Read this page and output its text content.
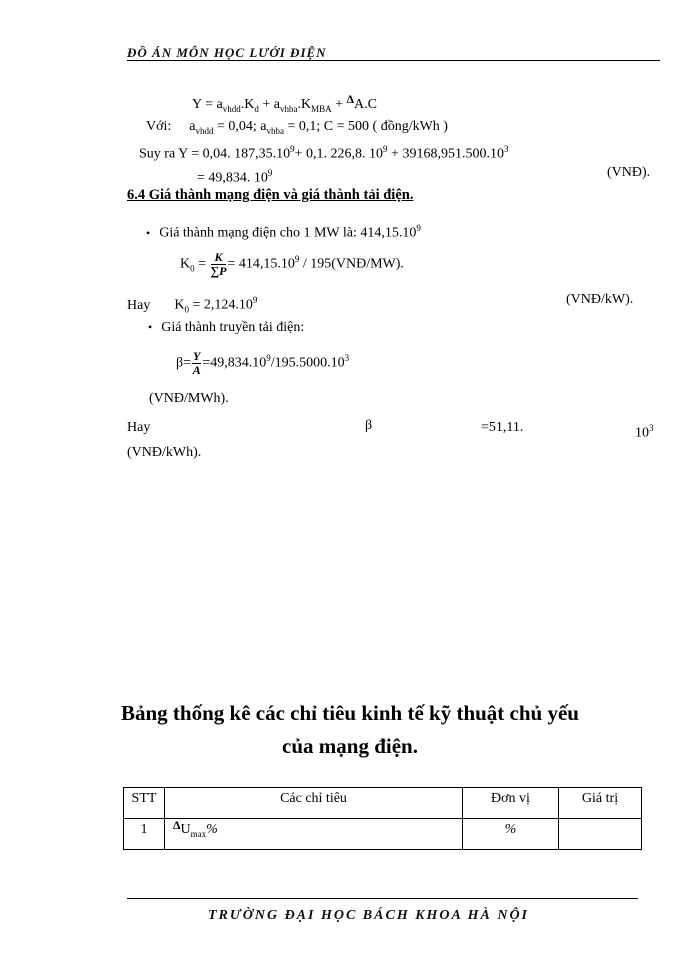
ĐỒ ÁN MÔN HỌC LƯỚI ĐIỆN
$Y = a_{vhdd}.K_d + a_{vhba}.K_{MBA} + \Delta A.C$
Với: $a_{vhdd} = 0,04$; $a_{vhba} = 0,1$; C = 500 ( đồng/kWh )
Suy ra Y = 0,04. $187,35.10^9+ 0,1$. 226,8. $10^9 + 39168,951.500.10^3$
= 49,834. $10^9$	(VNĐ).
6.4 Giá thành mạng điện và giá thành tải điện.
• Giá thành mạng điện cho 1 MW là: 414,15.10$^9$
$K_0 = \frac{K}{\sum P} = 414,15.10^9$ / 195(VNĐ/MW).
Hay $K_0 = 2,124.10^9$	(VNĐ/kW).
• Giá thành truyền tải điện:
$\beta= \frac{Y}{A} =49,834.10^9/195.5000.10^3$
(VNĐ/MWh).
Hay	β	=51,11.	$10^3$
(VNĐ/kWh).
Bảng thống kê các chỉ tiêu kinh tế kỹ thuật chủ yếu
của mạng điện.
STT	Các chỉ tiêu	Đơn vị	Giá trị
1	$\Delta U_{max}\%$	%	
TRƯỜNG ĐẠI HỌC BÁCH KHOA HÀ NỘI
